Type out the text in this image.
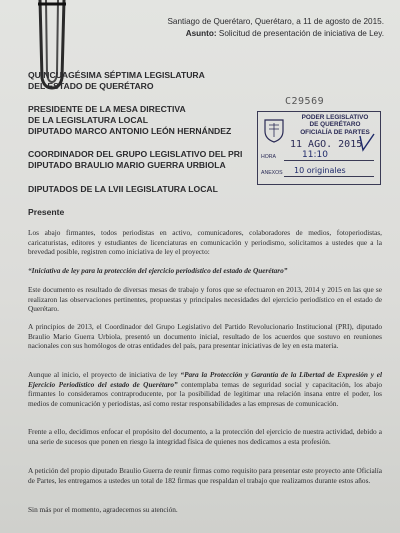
Santiago de Querétaro, Querétaro, a 11 de agosto de 2015.
Asunto: Solicitud de presentación de iniciativa de Ley.
QUINCUAGÉSIMA SÉPTIMA LEGISLATURA
DEL ESTADO DE QUERÉTARO
PRESIDENTE DE LA MESA DIRECTIVA
DE LA LEGISLATURA LOCAL
DIPUTADO MARCO ANTONIO LEÓN HERNÁNDEZ
COORDINADOR DEL GRUPO LEGISLATIVO DEL PRI
DIPUTADO BRAULIO MARIO GUERRA URBIOLA
DIPUTADOS DE LA LVII LEGISLATURA LOCAL
C29569
PODER LEGISLATIVO
DE QUERÉTARO
OFICIALÍA DE PARTES
11 AGO. 2015
HORA	11:10
ANEXOS 10 originales
Presente
Los abajo firmantes, todos periodistas en activo, comunicadores, colaboradores de medios, fotoperiodistas, caricaturistas, editores y estudiantes de licenciaturas en comunicación y periodismo, solicitamos a ustedes que a la brevedad posible, registren como iniciativa de ley el proyecto:
“Iniciativa de ley para la protección del ejercicio periodístico del estado de Querétaro”
Este documento es resultado de diversas mesas de trabajo y foros que se efectuaron en 2013, 2014 y 2015 en las que se realizaron las observaciones pertinentes, propuestas y principales necesidades del ejercicio periodístico en el estado de Querétaro.
A principios de 2013, el Coordinador del Grupo Legislativo del Partido Revolucionario Institucional (PRI), diputado Braulio Mario Guerra Urbiola, presentó un documento inicial, resultado de los acuerdos que sostuvo en reuniones nacionales con sus homólogos de otras entidades del país, para presentar iniciativas de ley en esta materia.
Aunque al inicio, el proyecto de iniciativa de ley “Para la Protección y Garantía de la Libertad de Expresión y el Ejercicio Periodístico del estado de Querétaro” contemplaba temas de seguridad social y capacitación, los abajo firmantes lo consideramos contraproducente, por la posibilidad de legitimar una relación insana entre el poder, los medios de comunicación y periodistas, así como restar responsabilidades a las empresas de comunicación.
Frente a ello, decidimos enfocar el propósito del documento, a la protección del ejercicio de nuestra actividad, debido a una serie de sucesos que ponen en riesgo la integridad física de quienes nos dedicamos a esta profesión.
A petición del propio diputado Braulio Guerra de reunir firmas como requisito para presentar este proyecto ante Oficialía de Partes, les entregamos a ustedes un total de 182 firmas que respaldan el trabajo que realizamos durante estos años.
Sin más por el momento, agradecemos su atención.
